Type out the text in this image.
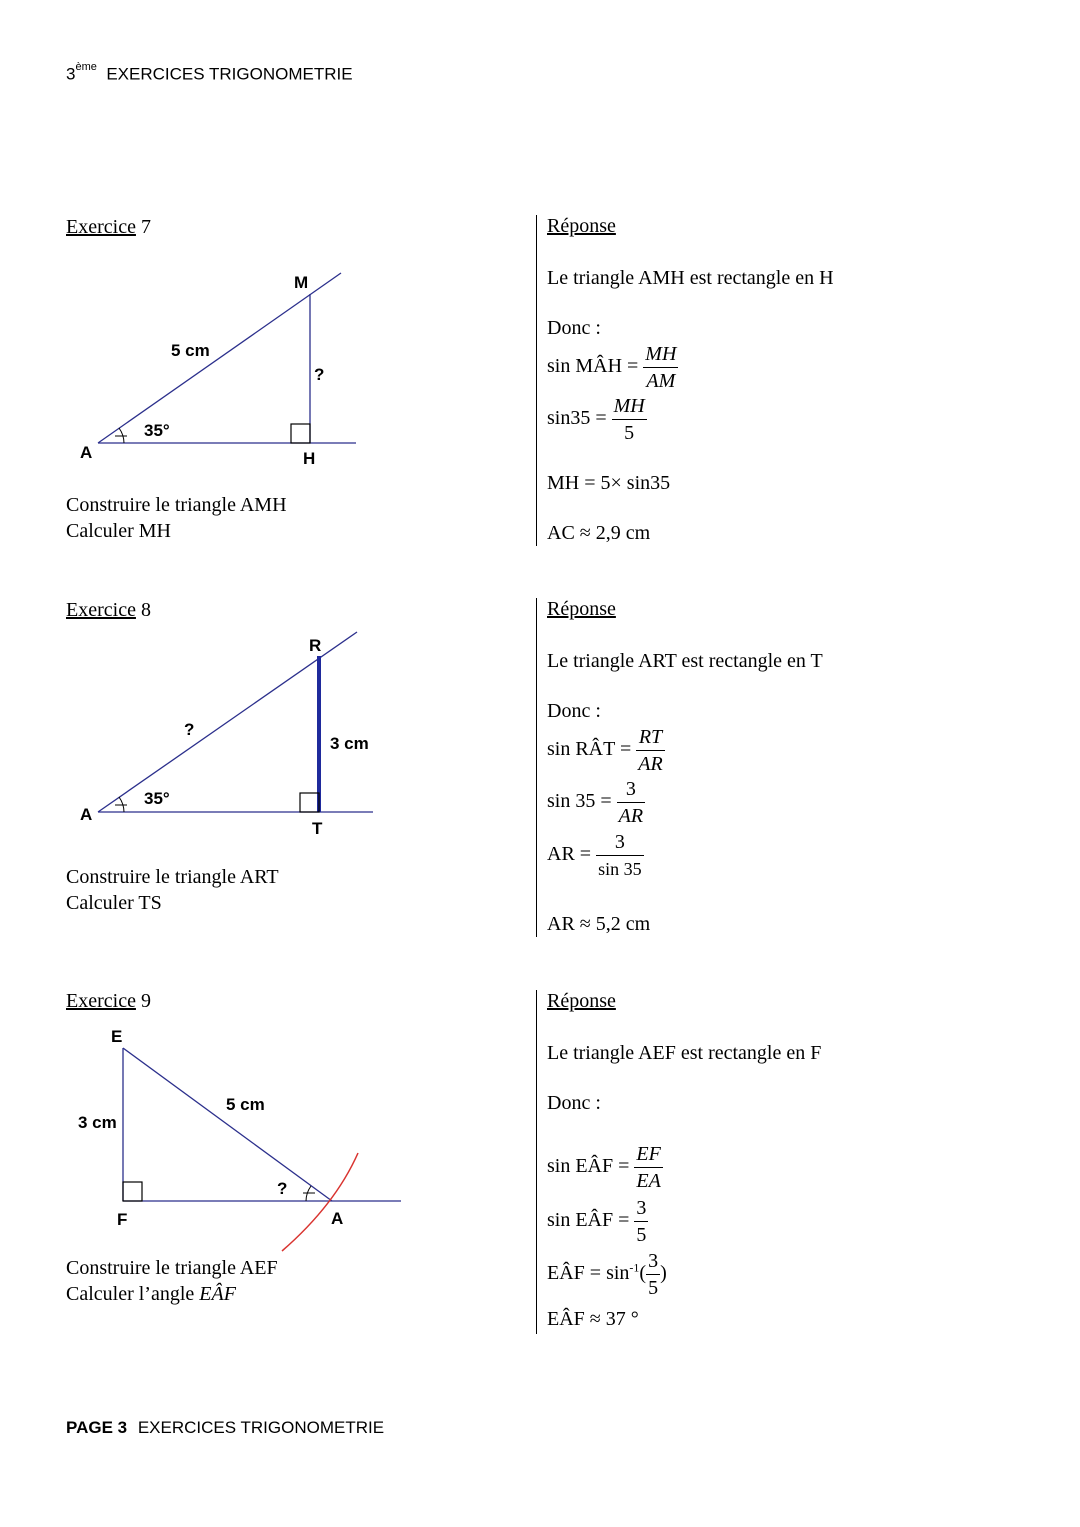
3ème EXERCICES TRIGONOMETRIE
Exercice 7
M
A	H
5 cm
?
35°
Construire le triangle AMH
Calculer MH
Réponse
Le triangle AMH est rectangle en H
Donc :
sin MÂH = $\frac{MH}{AM}$
$\sin 35 = \frac{MH}{5}$
MH = 5× sin35
AC ≈ 2,9 cm
Exercice 8
R
A
T
?
3 cm
35°
Construire le triangle ART
Calculer TS
Réponse
Le triangle ART est rectangle en T
Donc :
sin RÂT = $\frac{RT}{AR}$
$\sin 35 = \frac{3}{AR}$
AR = $\frac{3}{\sin 35}$
AR ≈ 5,2 cm
Exercice 9
E
F	A
3 cm
5 cm
?
Construire le triangle AEF
Calculer l’angle EÂF
Réponse
Le triangle AEF est rectangle en F
Donc :
sin EÂF = $\frac{EF}{EA}$
sin EÂF = $\frac{3}{5}$
EÂF = $\sin^{-1}( \frac{3}{5}$ )
EÂF ≈ 37 °
PAGE 3 EXERCICES TRIGONOMETRIE
